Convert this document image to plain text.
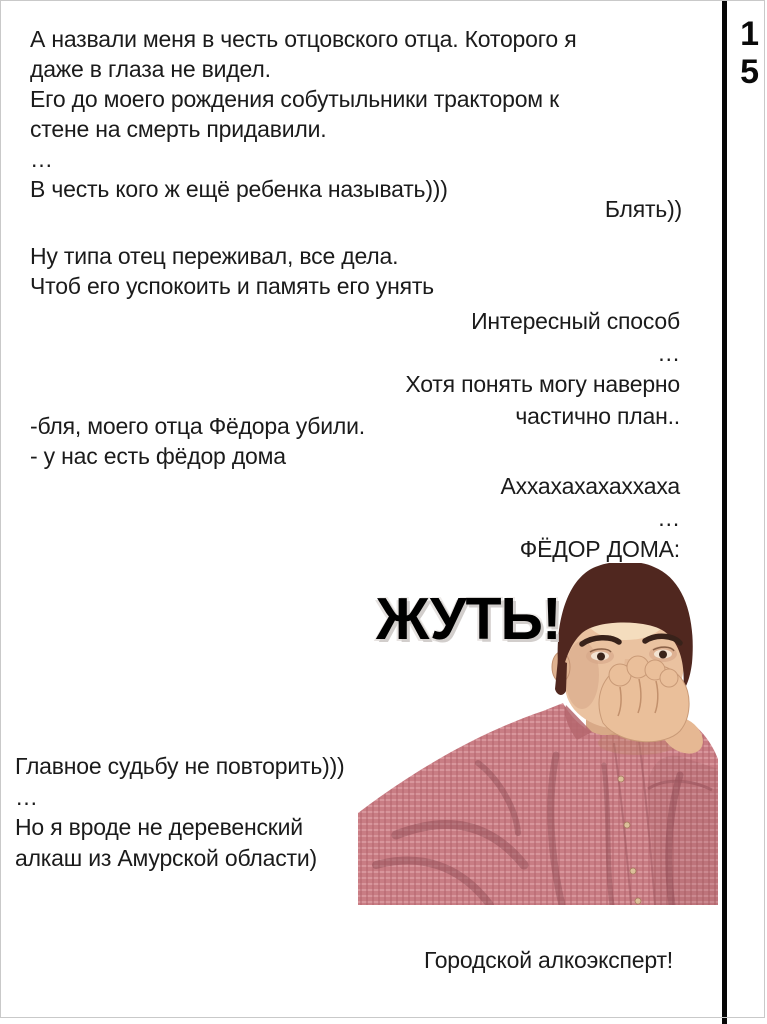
1
5
А назвали меня в честь отцовского отца. Которого я
даже в глаза не видел.
Его до моего рождения собутыльники трактором к
стене на смерть придавили.
…
В честь кого ж ещё ребенка называть)))
Блять))
Ну типа отец переживал, все дела.
Чтоб его успокоить и память его унять
Интересный способ
…
Хотя понять могу наверно
частично план..
-бля, моего отца Фёдора убили.
- у нас есть фёдор дома
Аххахахахаххаха
…
ФЁДОР ДОМА:
ЖУТЬ!
Главное судьбу не повторить)))
…
Но я вроде не деревенский
алкаш из Амурской области)
Городской алкоэксперт!
